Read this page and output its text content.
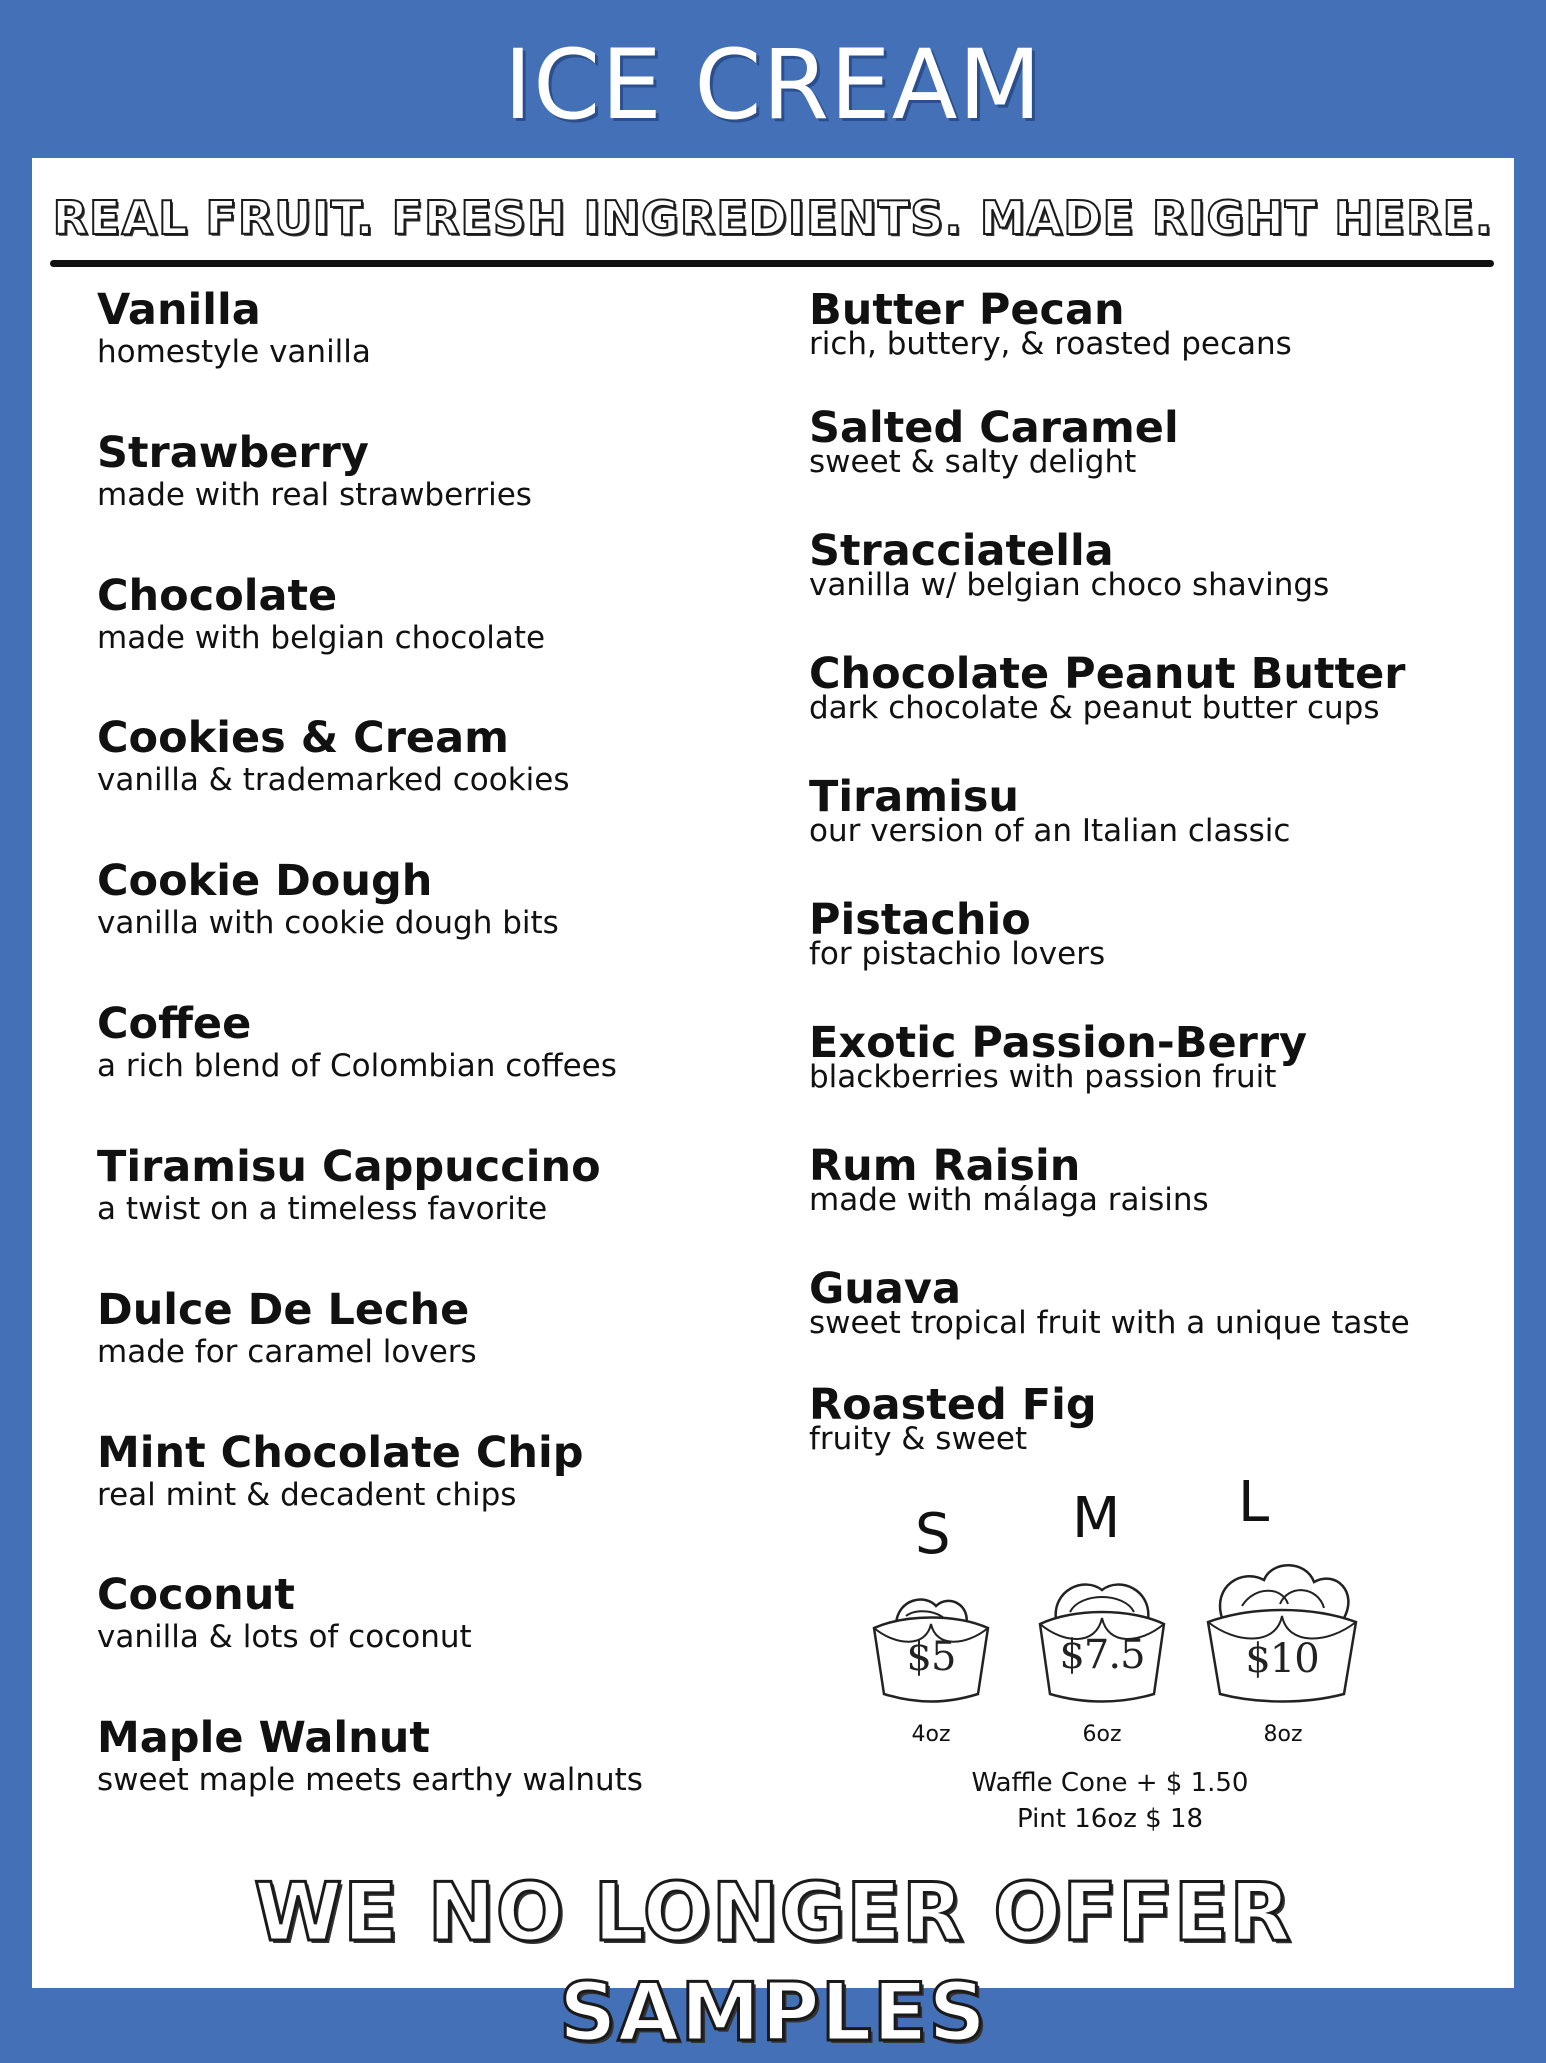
ICE CREAM
REAL FRUIT. FRESH INGREDIENTS. MADE RIGHT HERE.
Vanilla
homestyle vanilla
Strawberry
made with real strawberries
Chocolate
made with belgian chocolate
Cookies & Cream
vanilla & trademarked cookies
Cookie Dough
vanilla with cookie dough bits
Coffee
a rich blend of Colombian coffees
Tiramisu Cappuccino
a twist on a timeless favorite
Dulce De Leche
made for caramel lovers
Mint Chocolate Chip
real mint & decadent chips
Coconut
vanilla & lots of coconut
Maple Walnut
sweet maple meets earthy walnuts
Butter Pecan
rich, buttery, & roasted pecans
Salted Caramel
sweet & salty delight
Stracciatella
vanilla w/ belgian choco shavings
Chocolate Peanut Butter
dark chocolate & peanut butter cups
Tiramisu
our version of an Italian classic
Pistachio
for pistachio lovers
Exotic Passion-Berry
blackberries with passion fruit
Rum Raisin
made with málaga raisins
Guava
sweet tropical fruit with a unique taste
Roasted Fig
fruity & sweet
S M L
$5	$7.5	$10
4oz	6oz	8oz
Waffle Cone + $ 1.50
Pint 16oz $ 18
WE NO LONGER OFFER SAMPLES
